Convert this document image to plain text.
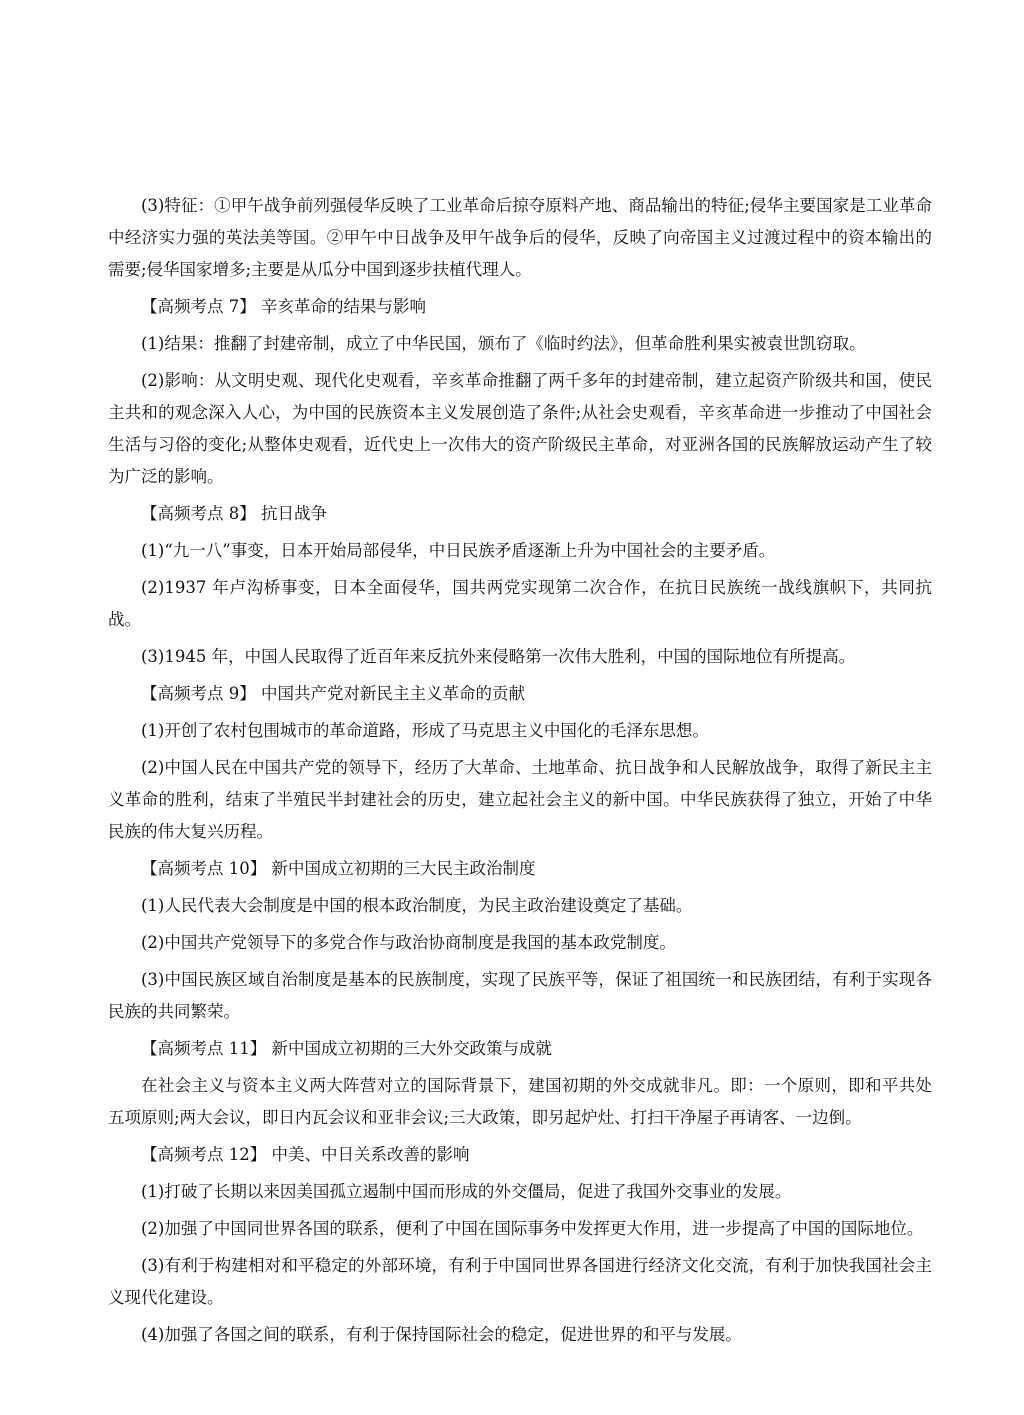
(3)特征：①甲午战争前列强侵华反映了工业革命后掠夺原料产地、商品输出的特征;侵华主要国家是工业革命中经济实力强的英法美等国。②甲午中日战争及甲午战争后的侵华，反映了向帝国主义过渡过程中的资本输出的需要;侵华国家增多;主要是从瓜分中国到逐步扶植代理人。

【高频考点 7】 辛亥革命的结果与影响

(1)结果：推翻了封建帝制，成立了中华民国，颁布了《临时约法》，但革命胜利果实被袁世凯窃取。

(2)影响：从文明史观、现代化史观看，辛亥革命推翻了两千多年的封建帝制，建立起资产阶级共和国，使民主共和的观念深入人心，为中国的民族资本主义发展创造了条件;从社会史观看，辛亥革命进一步推动了中国社会生活与习俗的变化;从整体史观看，近代史上一次伟大的资产阶级民主革命，对亚洲各国的民族解放运动产生了较为广泛的影响。

【高频考点 8】 抗日战争

(1)“九一八”事变，日本开始局部侵华，中日民族矛盾逐渐上升为中国社会的主要矛盾。

(2)1937 年卢沟桥事变，日本全面侵华，国共两党实现第二次合作，在抗日民族统一战线旗帜下，共同抗战。

(3)1945 年，中国人民取得了近百年来反抗外来侵略第一次伟大胜利，中国的国际地位有所提高。

【高频考点 9】 中国共产党对新民主主义革命的贡献

(1)开创了农村包围城市的革命道路，形成了马克思主义中国化的毛泽东思想。

(2)中国人民在中国共产党的领导下，经历了大革命、土地革命、抗日战争和人民解放战争，取得了新民主主义革命的胜利，结束了半殖民半封建社会的历史，建立起社会主义的新中国。中华民族获得了独立，开始了中华民族的伟大复兴历程。

【高频考点 10】 新中国成立初期的三大民主政治制度

(1)人民代表大会制度是中国的根本政治制度，为民主政治建设奠定了基础。

(2)中国共产党领导下的多党合作与政治协商制度是我国的基本政党制度。

(3)中国民族区域自治制度是基本的民族制度，实现了民族平等，保证了祖国统一和民族团结，有利于实现各民族的共同繁荣。

【高频考点 11】 新中国成立初期的三大外交政策与成就

在社会主义与资本主义两大阵营对立的国际背景下，建国初期的外交成就非凡。即：一个原则，即和平共处五项原则;两大会议，即日内瓦会议和亚非会议;三大政策，即另起炉灶、打扫干净屋子再请客、一边倒。

【高频考点 12】 中美、中日关系改善的影响

(1)打破了长期以来因美国孤立遏制中国而形成的外交僵局，促进了我国外交事业的发展。

(2)加强了中国同世界各国的联系，便利了中国在国际事务中发挥更大作用，进一步提高了中国的国际地位。

(3)有利于构建相对和平稳定的外部环境，有利于中国同世界各国进行经济文化交流，有利于加快我国社会主义现代化建设。

(4)加强了各国之间的联系，有利于保持国际社会的稳定，促进世界的和平与发展。
